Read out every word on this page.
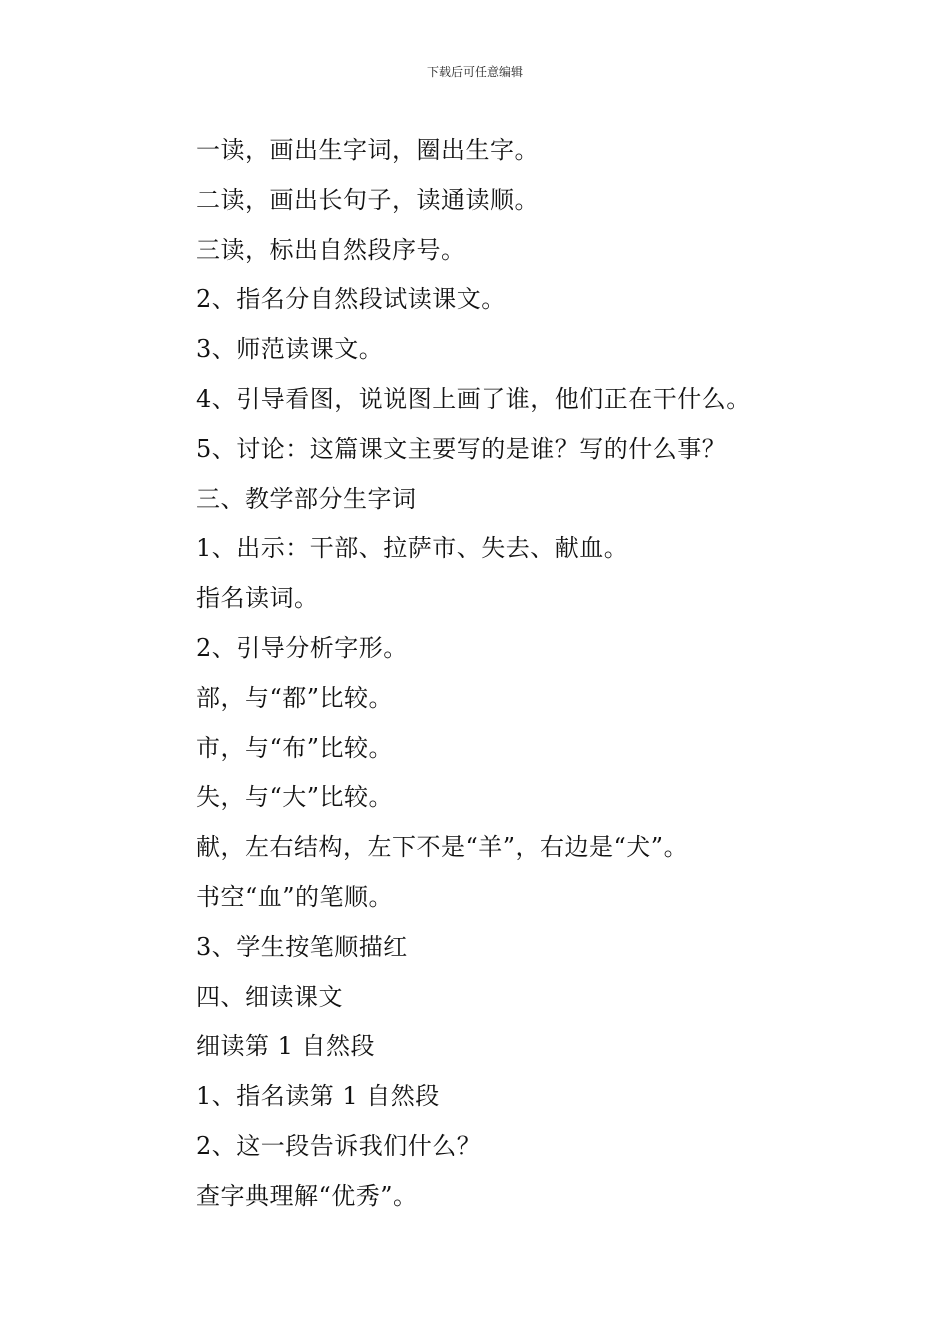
下载后可任意编辑
一读，画出生字词，圈出生字。
二读，画出长句子，读通读顺。
三读，标出自然段序号。
2、指名分自然段试读课文。
3、师范读课文。
4、引导看图，说说图上画了谁，他们正在干什么。
5、讨论：这篇课文主要写的是谁？写的什么事？
三、教学部分生字词
1、出示：干部、拉萨市、失去、献血。
指名读词。
2、引导分析字形。
部，与“都”比较。
市，与“布”比较。
失，与“大”比较。
献，左右结构，左下不是“羊”，右边是“犬”。
书空“血”的笔顺。
3、学生按笔顺描红
四、细读课文
细读第 1 自然段
1、指名读第 1 自然段
2、这一段告诉我们什么？
查字典理解“优秀”。
